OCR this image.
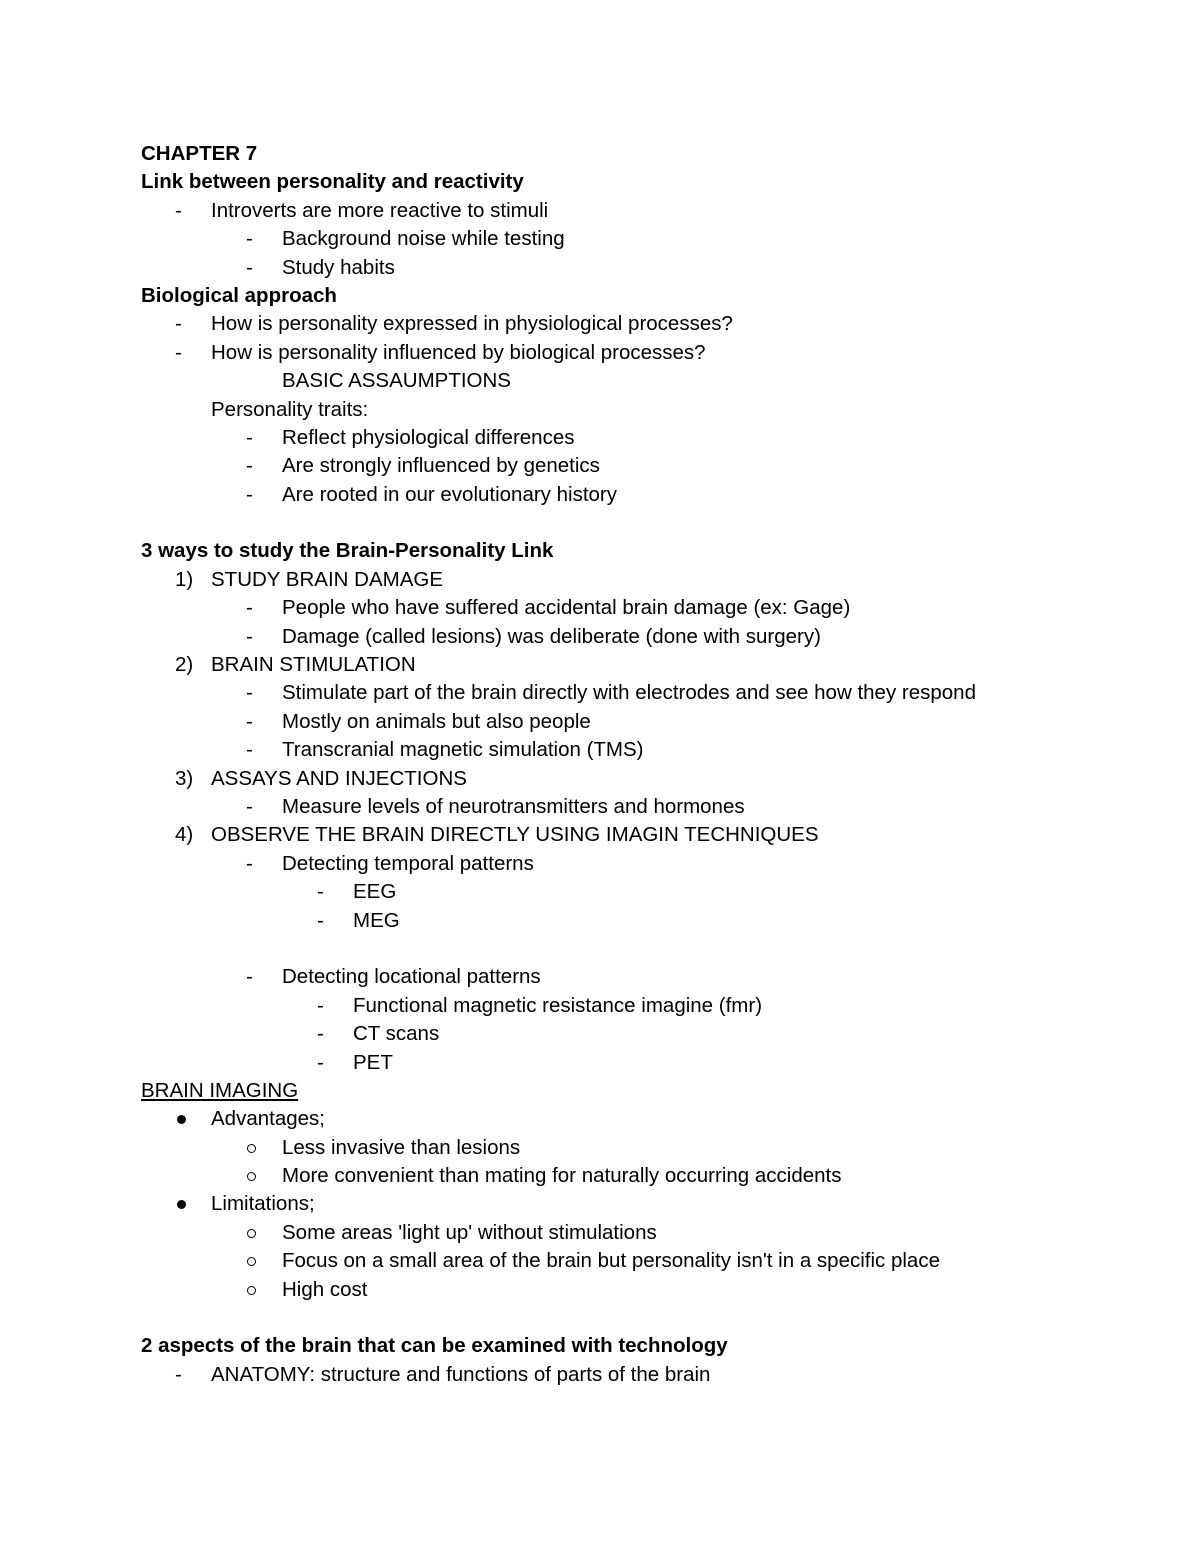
CHAPTER 7
Link between personality and reactivity
- Introverts are more reactive to stimuli
- Background noise while testing
- Study habits
Biological approach
- How is personality expressed in physiological processes?
- How is personality influenced by biological processes?
BASIC ASSAUMPTIONS
Personality traits:
- Reflect physiological differences
- Are strongly influenced by genetics
- Are rooted in our evolutionary history
3 ways to study the Brain-Personality Link
1) STUDY BRAIN DAMAGE
- People who have suffered accidental brain damage (ex: Gage)
- Damage (called lesions) was deliberate (done with surgery)
2) BRAIN STIMULATION
- Stimulate part of the brain directly with electrodes and see how they respond
- Mostly on animals but also people
- Transcranial magnetic simulation (TMS)
3) ASSAYS AND INJECTIONS
- Measure levels of neurotransmitters and hormones
4) OBSERVE THE BRAIN DIRECTLY USING IMAGIN TECHNIQUES
- Detecting temporal patterns
- EEG
- MEG
- Detecting locational patterns
- Functional magnetic resistance imagine (fmr)
- CT scans
- PET
BRAIN IMAGING
Advantages;
Less invasive than lesions
More convenient than mating for naturally occurring accidents
Limitations;
Some areas 'light up' without stimulations
Focus on a small area of the brain but personality isn't in a specific place
High cost
2 aspects of the brain that can be examined with technology
- ANATOMY: structure and functions of parts of the brain
